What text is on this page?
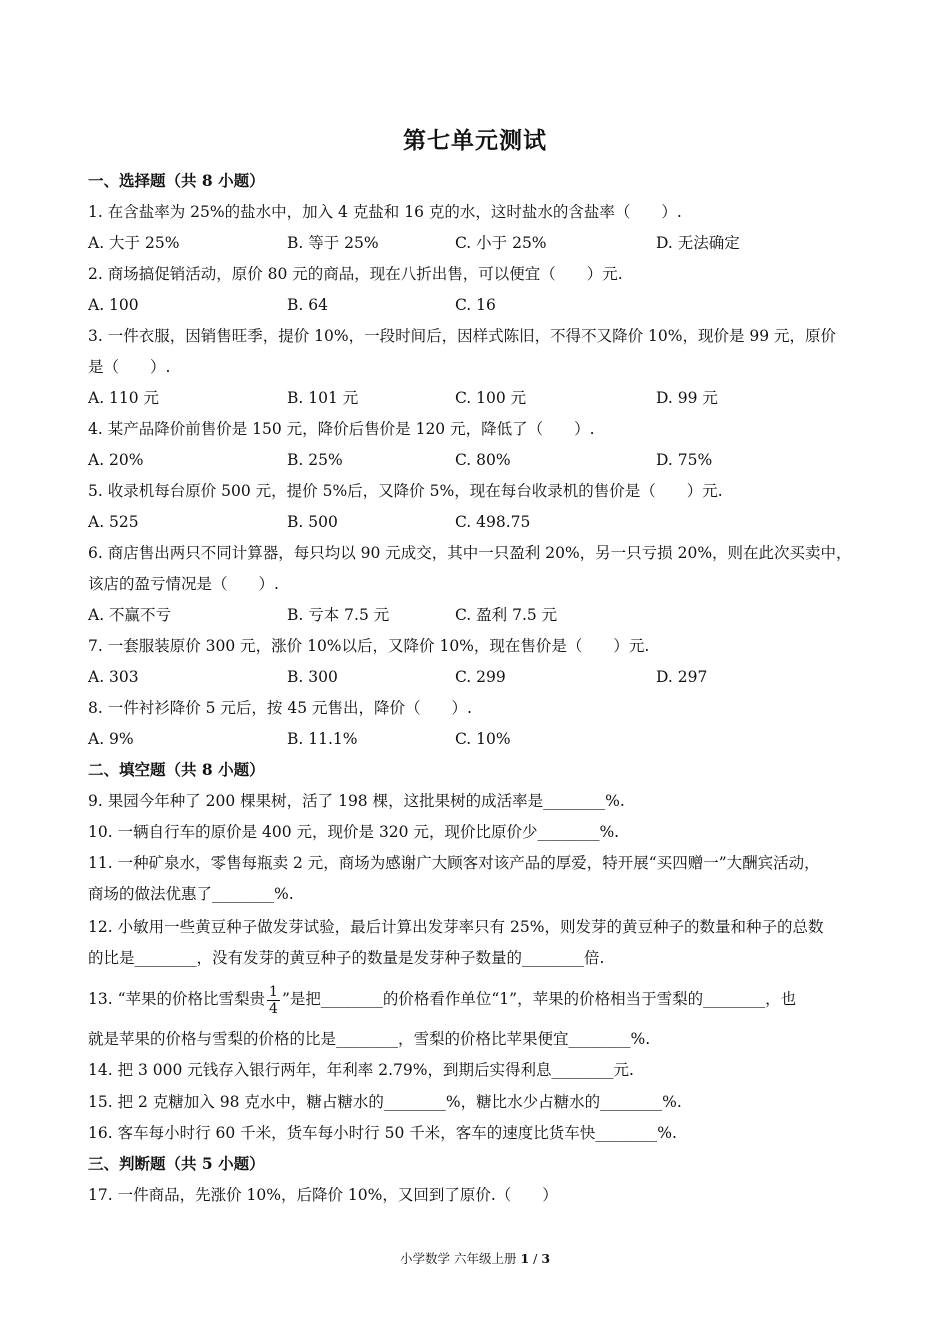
第七单元测试
一、选择题（共 8 小题）
1. 在含盐率为 25%的盐水中，加入 4 克盐和 16 克的水，这时盐水的含盐率（　　）.
A. 大于 25%	B. 等于 25%	C. 小于 25%	D. 无法确定
2. 商场搞促销活动，原价 80 元的商品，现在八折出售，可以便宜（　　）元.
A. 100	B. 64	C. 16
3. 一件衣服，因销售旺季，提价 10%，一段时间后，因样式陈旧，不得不又降价 10%，现价是 99 元，原价
是（　　）.
A. 110 元	B. 101 元	C. 100 元	D. 99 元
4. 某产品降价前售价是 150 元，降价后售价是 120 元，降低了（　　）.
A. 20%	B. 25%	C. 80%	D. 75%
5. 收录机每台原价 500 元，提价 5%后，又降价 5%，现在每台收录机的售价是（　　）元.
A. 525	B. 500	C. 498.75
6. 商店售出两只不同计算器，每只均以 90 元成交，其中一只盈利 20%，另一只亏损 20%，则在此次买卖中，
该店的盈亏情况是（　　）.
A. 不赢不亏	B. 亏本 7.5 元	C. 盈利 7.5 元
7. 一套服装原价 300 元，涨价 10%以后，又降价 10%，现在售价是（　　）元.
A. 303	B. 300	C. 299	D. 297
8. 一件衬衫降价 5 元后，按 45 元售出，降价（　　）.
A. 9%	B. 11.1%	C. 10%
二、填空题（共 8 小题）
9. 果园今年种了 200 棵果树，活了 198 棵，这批果树的成活率是________%.
10. 一辆自行车的原价是 400 元，现价是 320 元，现价比原价少________%.
11. 一种矿泉水，零售每瓶卖 2 元，商场为感谢广大顾客对该产品的厚爱，特开展“买四赠一”大酬宾活动，
商场的做法优惠了________%.
12. 小敏用一些黄豆种子做发芽试验，最后计算出发芽率只有 25%，则发芽的黄豆种子的数量和种子的总数
的比是________，没有发芽的黄豆种子的数量是发芽种子数量的________倍.
13. “苹果的价格比雪梨贵 $\frac{1}{4}$ ”是把________的价格看作单位“1”，苹果的价格相当于雪梨的________，也
就是苹果的价格与雪梨的价格的比是________，雪梨的价格比苹果便宜________%.
14. 把 3 000 元钱存入银行两年，年利率 2.79%，到期后实得利息________元.
15. 把 2 克糖加入 98 克水中，糖占糖水的________%，糖比水少占糖水的________%.
16. 客车每小时行 60 千米，货车每小时行 50 千米，客车的速度比货车快________%.
三、判断题（共 5 小题）
17. 一件商品，先涨价 10%，后降价 10%，又回到了原价.（　　）
小学数学 六年级上册 1 / 3
